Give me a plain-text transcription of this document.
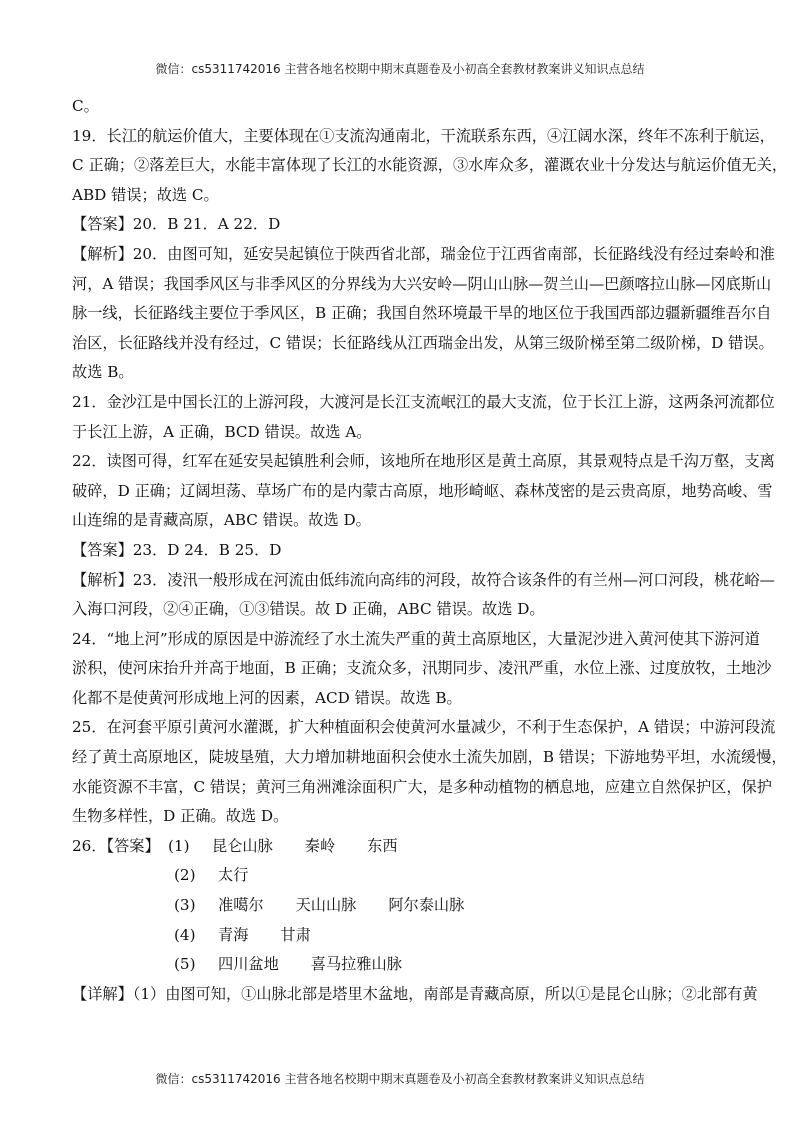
微信：cs5311742016 主营各地名校期中期末真题卷及小初高全套教材教案讲义知识点总结

C。

19．长江的航运价值大，主要体现在①支流沟通南北，干流联系东西，④江阔水深，终年不冻利于航运，

C 正确；②落差巨大，水能丰富体现了长江的水能资源，③水库众多，灌溉农业十分发达与航运价值无关，

ABD 错误；故选 C。

【答案】20．B 21．A 22．D

【解析】20．由图可知，延安吴起镇位于陕西省北部，瑞金位于江西省南部，长征路线没有经过秦岭和淮

河，A 错误；我国季风区与非季风区的分界线为大兴安岭—阴山山脉—贺兰山—巴颜喀拉山脉—冈底斯山

脉一线，长征路线主要位于季风区，B 正确；我国自然环境最干旱的地区位于我国西部边疆新疆维吾尔自

治区，长征路线并没有经过，C 错误；长征路线从江西瑞金出发，从第三级阶梯至第二级阶梯，D 错误。

故选 B。

21．金沙江是中国长江的上游河段，大渡河是长江支流岷江的最大支流，位于长江上游，这两条河流都位

于长江上游，A 正确，BCD 错误。故选 A。

22．读图可得，红军在延安吴起镇胜利会师，该地所在地形区是黄土高原，其景观特点是千沟万壑，支离

破碎，D 正确；辽阔坦荡、草场广布的是内蒙古高原，地形崎岖、森林茂密的是云贵高原，地势高峻、雪

山连绵的是青藏高原，ABC 错误。故选 D。

【答案】23．D 24．B 25．D

【解析】23．凌汛一般形成在河流由低纬流向高纬的河段，故符合该条件的有兰州—河口河段，桃花峪—

入海口河段，②④正确，①③错误。故 D 正确，ABC 错误。故选 D。

24．“地上河”形成的原因是中游流经了水土流失严重的黄土高原地区，大量泥沙进入黄河使其下游河道

淤积，使河床抬升并高于地面，B 正确；支流众多，汛期同步、凌汛严重，水位上涨、过度放牧，土地沙

化都不是使黄河形成地上河的因素，ACD 错误。故选 B。

25．在河套平原引黄河水灌溉，扩大种植面积会使黄河水量减少，不利于生态保护，A 错误；中游河段流

经了黄土高原地区，陡坡垦殖，大力增加耕地面积会使水土流失加剧，B 错误；下游地势平坦，水流缓慢，

水能资源不丰富，C 错误；黄河三角洲滩涂面积广大，是多种动植物的栖息地，应建立自然保护区，保护

生物多样性，D 正确。故选 D。

26．【答案】 (1)	昆仑山脉 秦岭 东西
(2)	太行
(3)	准噶尔 天山山脉 阿尔泰山脉
(4)	青海 甘肃
(5)	四川盆地 喜马拉雅山脉

【详解】（1）由图可知，①山脉北部是塔里木盆地，南部是青藏高原，所以①是昆仑山脉；②北部有黄

微信：cs5311742016 主营各地名校期中期末真题卷及小初高全套教材教案讲义知识点总结
